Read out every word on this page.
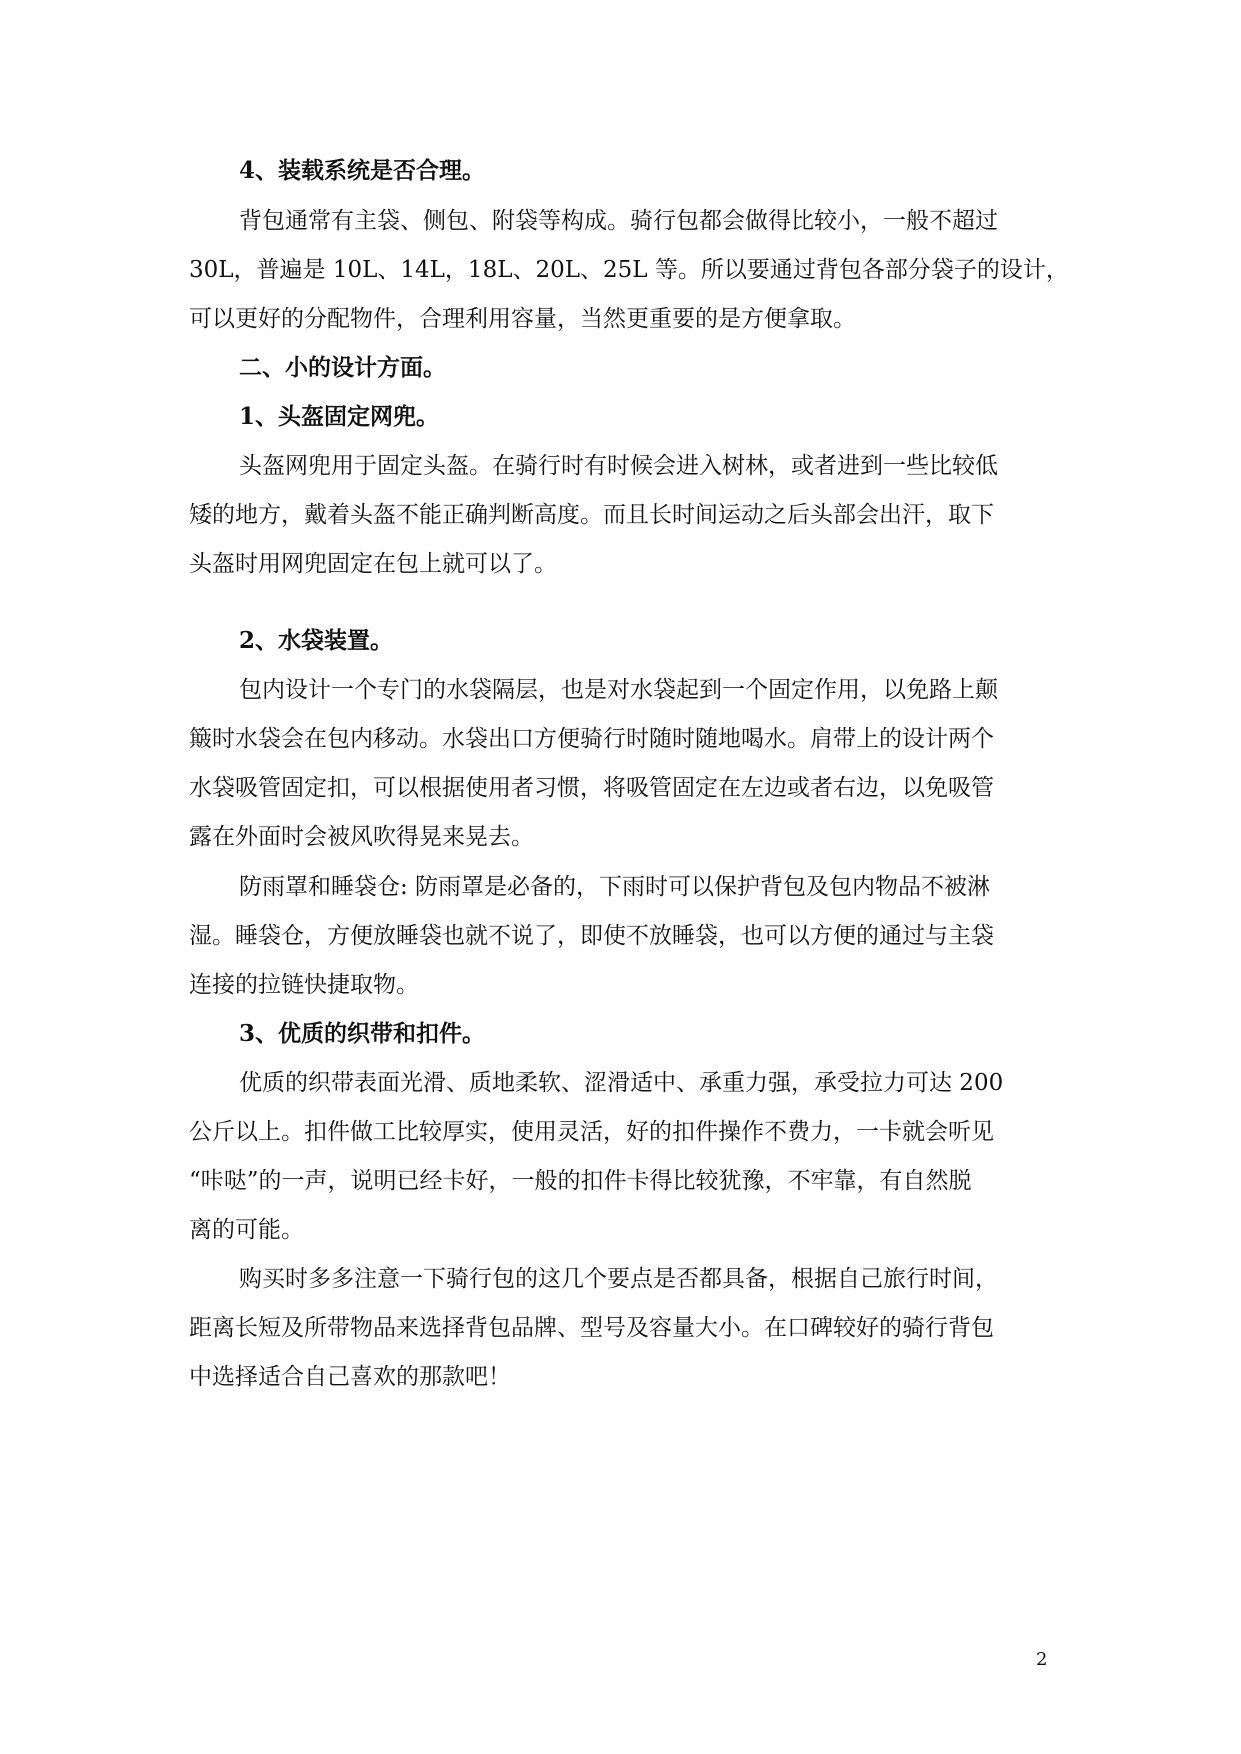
4、装载系统是否合理。
背包通常有主袋、侧包、附袋等构成。骑行包都会做得比较小，一般不超过
30L，普遍是 10L、14L，18L、20L、25L 等。所以要通过背包各部分袋子的设计，
可以更好的分配物件，合理利用容量，当然更重要的是方便拿取。
二、小的设计方面。
1、头盔固定网兜。
头盔网兜用于固定头盔。在骑行时有时候会进入树林，或者进到一些比较低
矮的地方，戴着头盔不能正确判断高度。而且长时间运动之后头部会出汗，取下
头盔时用网兜固定在包上就可以了。
2、水袋装置。
包内设计一个专门的水袋隔层，也是对水袋起到一个固定作用，以免路上颠
簸时水袋会在包内移动。水袋出口方便骑行时随时随地喝水。肩带上的设计两个
水袋吸管固定扣，可以根据使用者习惯，将吸管固定在左边或者右边，以免吸管
露在外面时会被风吹得晃来晃去。
防雨罩和睡袋仓: 防雨罩是必备的，下雨时可以保护背包及包内物品不被淋
湿。睡袋仓，方便放睡袋也就不说了，即使不放睡袋，也可以方便的通过与主袋
连接的拉链快捷取物。
3、优质的织带和扣件。
优质的织带表面光滑、质地柔软、涩滑适中、承重力强，承受拉力可达 200
公斤以上。扣件做工比较厚实，使用灵活，好的扣件操作不费力，一卡就会听见
“咔哒”的一声，说明已经卡好，一般的扣件卡得比较犹豫，不牢靠，有自然脱
离的可能。
购买时多多注意一下骑行包的这几个要点是否都具备，根据自己旅行时间，
距离长短及所带物品来选择背包品牌、型号及容量大小。在口碑较好的骑行背包
中选择适合自己喜欢的那款吧！
2
